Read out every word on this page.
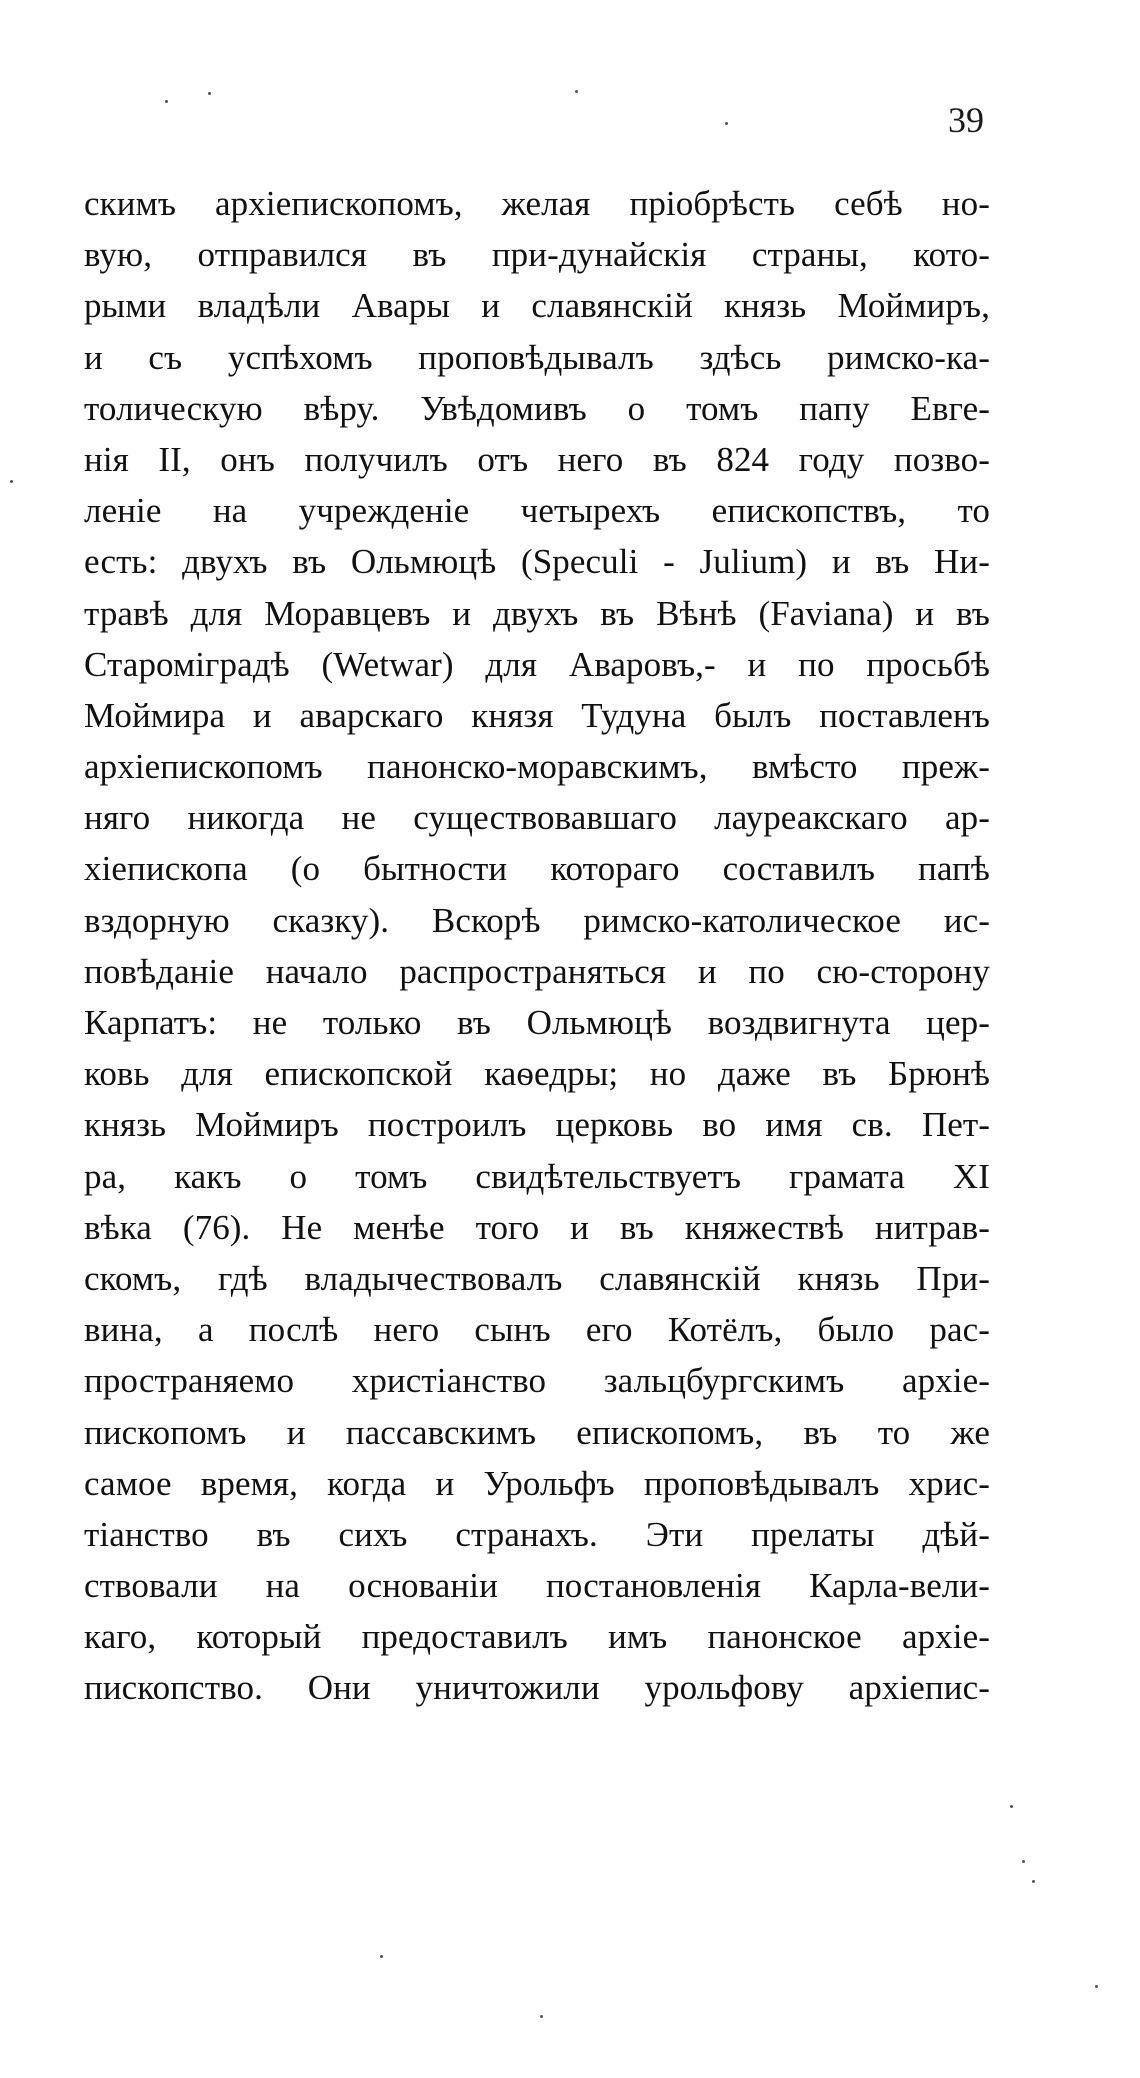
39
скимъ архіепископомъ, желая пріобрѣсть себѣ но-
вую, отправился въ при-дунайскія страны, кото-
рыми владѣли Авары и славянскій князь Моймиръ,
и съ успѣхомъ проповѣдывалъ здѣсь римско-ка-
толическую вѣру. Увѣдомивъ о томъ папу Евге-
нія II, онъ получилъ отъ него въ 824 году позво-
леніе на учрежденіе четырехъ епископствъ, то
есть: двухъ въ Ольмюцѣ (Speculi - Julium) и въ Ни-
травѣ для Моравцевъ и двухъ въ Вѣнѣ (Faviana) и въ
Староміградѣ (Wetwar) для Аваровъ,- и по просьбѣ
Моймира и аварскаго князя Тудуна былъ поставленъ
архіепископомъ панонско-моравскимъ, вмѣсто преж-
няго никогда не существовавшаго лауреакскаго ар-
хіепископа (о бытности котораго составилъ папѣ
вздорную сказку). Вскорѣ римско-католическое ис-
повѣданіе начало распространяться и по сю-сторону
Карпатъ: не только въ Ольмюцѣ воздвигнута цер-
ковь для епископской каѳедры; но даже въ Брюнѣ
князь Моймиръ построилъ церковь во имя св. Пет-
ра, какъ о томъ свидѣтельствуетъ грамата XI
вѣка (76). Не менѣе того и въ княжествѣ нитрав-
скомъ, гдѣ владычествовалъ славянскій князь При-
вина, а послѣ него сынъ его Котёлъ, было рас-
пространяемо христіанство зальцбургскимъ архіе-
пископомъ и пассавскимъ епископомъ, въ то же
самое время, когда и Урольфъ проповѣдывалъ хрис-
тіанство въ сихъ странахъ. Эти прелаты дѣй-
ствовали на основаніи постановленія Карла-вели-
каго, который предоставилъ имъ панонское архіе-
пископство. Они уничтожили урольфову архіепис-
